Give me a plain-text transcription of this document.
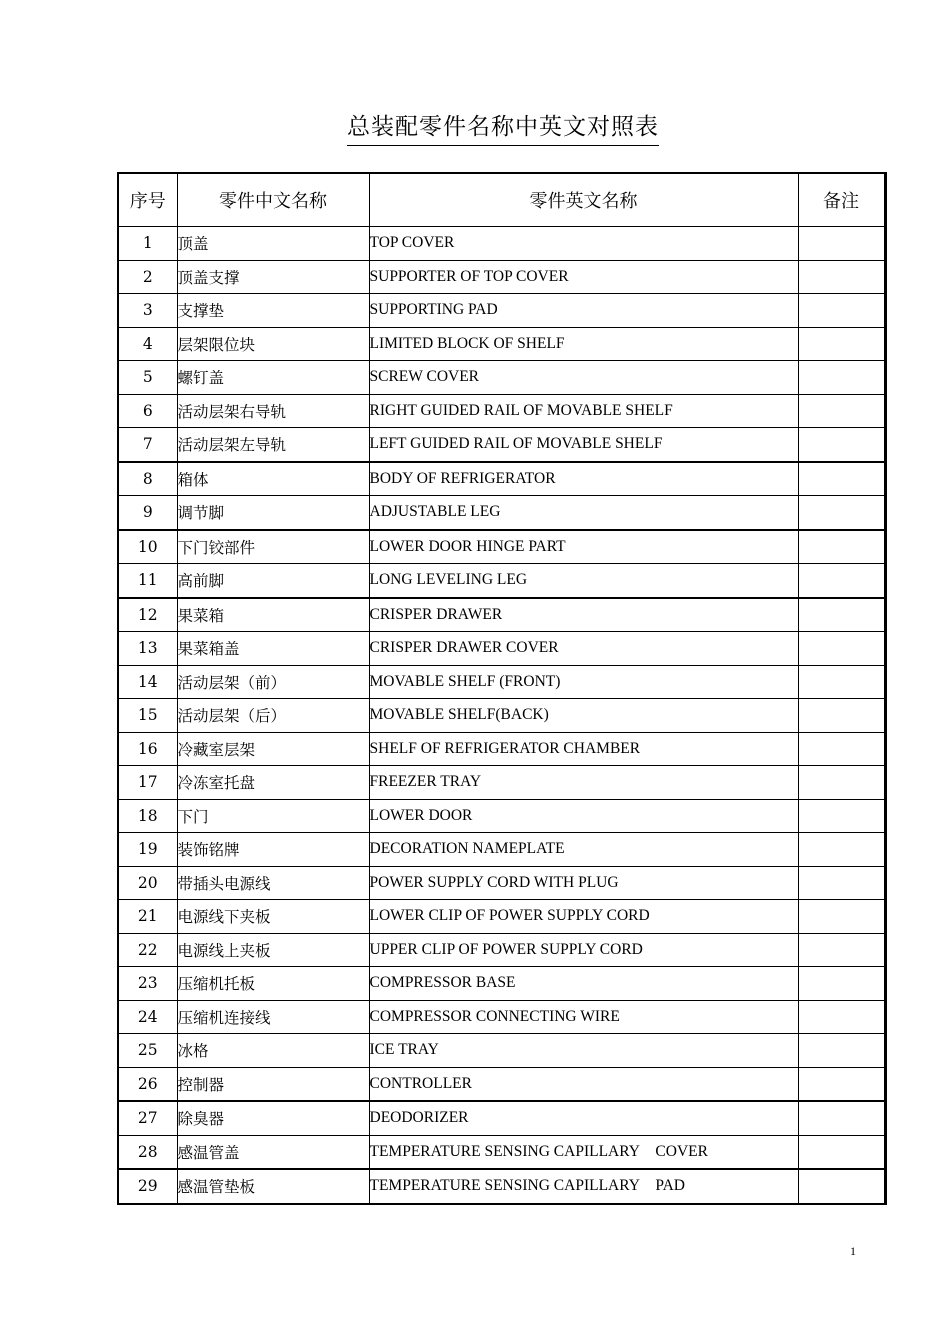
总装配零件名称中英文对照表
序号	零件中文名称	零件英文名称	备注
1	顶盖	TOP COVER	
2	顶盖支撑	SUPPORTER OF TOP COVER	
3	支撑垫	SUPPORTING PAD	
4	层架限位块	LIMITED BLOCK OF SHELF	
5	螺钉盖	SCREW COVER	
6	活动层架右导轨	RIGHT GUIDED RAIL OF MOVABLE SHELF	
7	活动层架左导轨	LEFT GUIDED RAIL OF MOVABLE SHELF	
8	箱体	BODY OF REFRIGERATOR	
9	调节脚	ADJUSTABLE LEG	
10	下门铰部件	LOWER DOOR HINGE PART	
11	高前脚	LONG LEVELING LEG	
12	果菜箱	CRISPER DRAWER	
13	果菜箱盖	CRISPER DRAWER COVER	
14	活动层架（前）	MOVABLE SHELF (FRONT)	
15	活动层架（后）	MOVABLE SHELF(BACK)	
16	冷藏室层架	SHELF OF REFRIGERATOR CHAMBER	
17	冷冻室托盘	FREEZER TRAY	
18	下门	LOWER DOOR	
19	装饰铭牌	DECORATION NAMEPLATE	
20	带插头电源线	POWER SUPPLY CORD WITH PLUG	
21	电源线下夹板	LOWER CLIP OF POWER SUPPLY CORD	
22	电源线上夹板	UPPER CLIP OF POWER SUPPLY CORD	
23	压缩机托板	COMPRESSOR BASE	
24	压缩机连接线	COMPRESSOR CONNECTING WIRE	
25	冰格	ICE TRAY	
26	控制器	CONTROLLER	
27	除臭器	DEODORIZER	
28	感温管盖	TEMPERATURE SENSING CAPILLARY    COVER	
29	感温管垫板	TEMPERATURE SENSING CAPILLARY    PAD	
1
